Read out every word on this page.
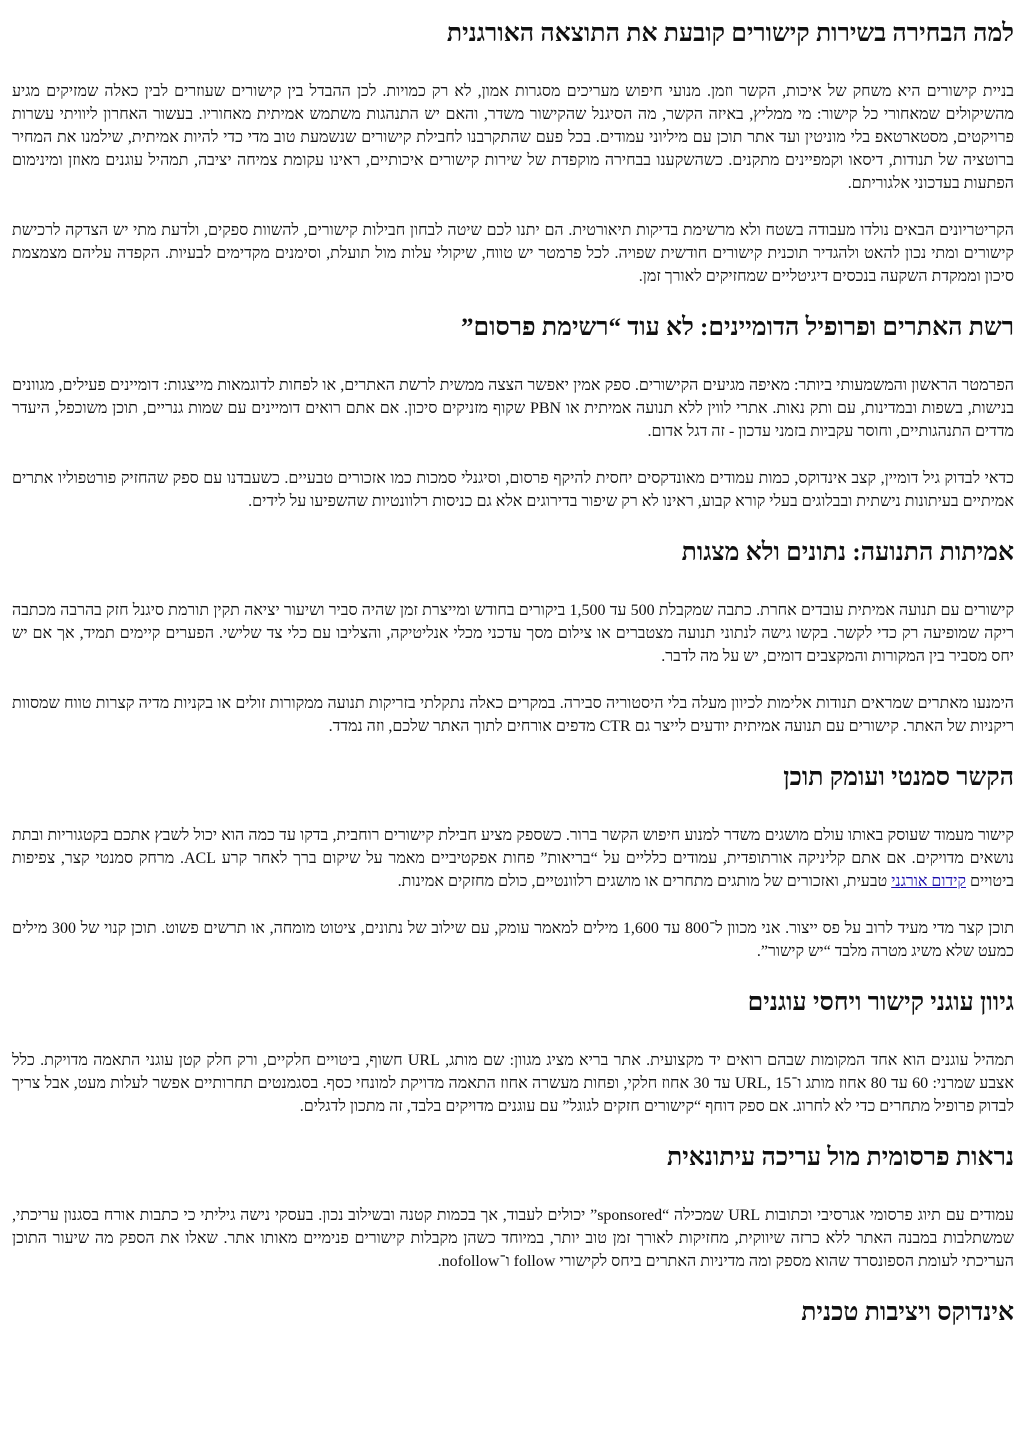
למה הבחירה בשירות קישורים קובעת את התוצאה האורגנית

בניית קישורים היא משחק של איכות, הקשר וזמן. מנועי חיפוש מעריכים מסגרות אמון, לא רק כמויות. לכן ההבדל בין קישורים שעוזרים לבין כאלה שמזיקים מגיע מהשיקולים שמאחורי כל קישור: מי ממליץ, באיזה הקשר, מה הסיגנל שהקישור משדר, והאם יש התנהגות משתמש אמיתית מאחוריו. בעשור האחרון ליוויתי עשרות פרויקטים, מסטארטאפ בלי מוניטין ועד אתר תוכן עם מיליוני עמודים. בכל פעם שהתקרבנו לחבילת קישורים שנשמעת טוב מדי כדי להיות אמיתית, שילמנו את המחיר ברוטציה של תנודות, דיסאו וקמפיינים מתקנים. כשהשקענו בבחירה מוקפדת של שירות קישורים איכותיים, ראינו עקומת צמיחה יציבה, תמהיל עוגנים מאוזן ומינימום הפתעות בעדכוני אלגוריתם.

הקריטריונים הבאים נולדו מעבודה בשטח ולא מרשימת בדיקות תיאורטית. הם יתנו לכם שיטה לבחון חבילות קישורים, להשוות ספקים, ולדעת מתי יש הצדקה לרכישת קישורים ומתי נכון להאט ולהגדיר תוכנית קישורים חודשית שפויה. לכל פרמטר יש טווח, שיקולי עלות מול תועלת, וסימנים מקדימים לבעיות. הקפדה עליהם מצמצמת סיכון וממקדת השקעה בנכסים דיגיטליים שמחזיקים לאורך זמן.

רשת האתרים ופרופיל הדומיינים: לא עוד “רשימת פרסום”

הפרמטר הראשון והמשמעותי ביותר: מאיפה מגיעים הקישורים. ספק אמין יאפשר הצצה ממשית לרשת האתרים, או לפחות לדוגמאות מייצגות: דומיינים פעילים, מגוונים בנישות, בשפות ובמדינות, עם ותק נאות. אתרי לווין ללא תנועה אמיתית או PBN שקוף מזניקים סיכון. אם אתם רואים דומיינים עם שמות גנריים, תוכן משוכפל, היעדר מדדים התנהגותיים, וחוסר עקביות בזמני עדכון - זה דגל אדום.

כדאי לבדוק גיל דומיין, קצב אינדוקס, כמות עמודים מאונדקסים יחסית להיקף פרסום, וסיגנלי סמכות כמו אזכורים טבעיים. כשעבדנו עם ספק שהחזיק פורטפוליו אתרים אמיתיים בעיתונות נישתית ובבלוגים בעלי קורא קבוע, ראינו לא רק שיפור בדירוגים אלא גם כניסות רלוונטיות שהשפיעו על לידים.

אמיתות התנועה: נתונים ולא מצגות

קישורים עם תנועה אמיתית עובדים אחרת. כתבה שמקבלת 500 עד 1,500 ביקורים בחודש ומייצרת זמן שהיה סביר ושיעור יציאה תקין תורמת סיגנל חזק בהרבה מכתבה ריקה שמופיעה רק כדי לקשר. בקשו גישה לנתוני תנועה מצטברים או צילום מסך עדכני מכלי אנליטיקה, והצליבו עם כלי צד שלישי. הפערים קיימים תמיד, אך אם יש יחס מסביר בין המקורות והמקצבים דומים, יש על מה לדבר.

הימנעו מאתרים שמראים תנודות אלימות לכיוון מעלה בלי היסטוריה סבירה. במקרים כאלה נתקלתי בזריקות תנועה ממקורות זולים או בקניות מדיה קצרות טווח שמסוות ריקניות של האתר. קישורים עם תנועה אמיתית יודעים לייצר גם CTR מדפים אורחים לתוך האתר שלכם, וזה נמדד.

הקשר סמנטי ועומק תוכן

קישור מעמוד שעוסק באותו עולם מושגים משדר למנוע חיפוש הקשר ברור. כשספק מציע חבילת קישורים רוחבית, בדקו עד כמה הוא יכול לשבץ אתכם בקטגוריות ובתת נושאים מדויקים. אם אתם קליניקה אורתופדית, עמודים כלליים על “בריאות” פחות אפקטיביים מאמר על שיקום ברך לאחר קרע ACL. מרחק סמנטי קצר, צפיפות ביטויים קידום אורגני טבעית, ואזכורים של מותגים מתחרים או מושגים רלוונטיים, כולם מחזקים אמינות.

תוכן קצר מדי מעיד לרוב על פס ייצור. אני מכוון ל־800 עד 1,600 מילים למאמר עומק, עם שילוב של נתונים, ציטוט מומחה, או תרשים פשוט. תוכן קנוי של 300 מילים כמעט שלא משיג מטרה מלבד “יש קישור”.

גיוון עוגני קישור ויחסי עוגנים

תמהיל עוגנים הוא אחד המקומות שבהם רואים יד מקצועית. אתר בריא מציג מגוון: שם מותג, URL חשוף, ביטויים חלקיים, ורק חלק קטן עוגני התאמה מדויקת. כלל אצבע שמרני: 60 עד 80 אחוז מותג ו־URL, 15 עד 30 אחוז חלקי, ופחות מעשרה אחוז התאמה מדויקת למונחי כסף. בסגמנטים תחרותיים אפשר לעלות מעט, אבל צריך לבדוק פרופיל מתחרים כדי לא לחרוג. אם ספק דוחף “קישורים חזקים לגוגל” עם עוגנים מדויקים בלבד, זה מתכון לדגלים.

נראות פרסומית מול עריכה עיתונאית

עמודים עם תיוג פרסומי אגרסיבי וכתובות URL שמכילה “sponsored” יכולים לעבוד, אך בכמות קטנה ובשילוב נכון. בעסקי נישה גיליתי כי כתבות אורח בסגנון עריכתי, שמשתלבות במבנה האתר ללא כרזה שיווקית, מחזיקות לאורך זמן טוב יותר, במיוחד כשהן מקבלות קישורים פנימיים מאותו אתר. שאלו את הספק מה שיעור התוכן העריכתי לעומת הספונסרד שהוא מספק ומה מדיניות האתרים ביחס לקישורי follow ו־nofollow.

אינדוקס ויציבות טכנית
